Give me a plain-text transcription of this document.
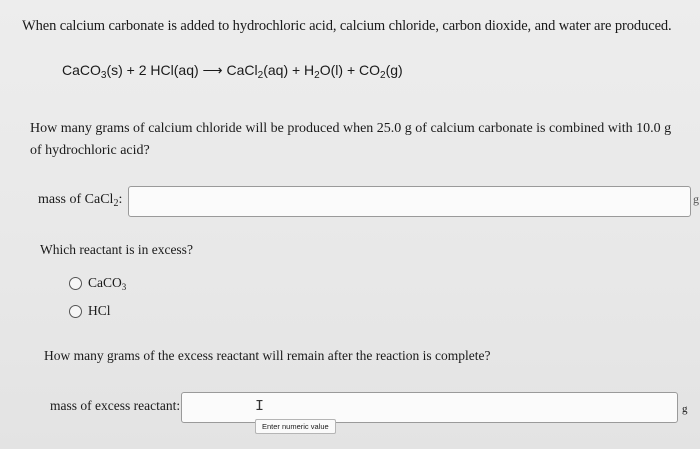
When calcium carbonate is added to hydrochloric acid, calcium chloride, carbon dioxide, and water are produced.
CaCO$_3$(s) + 2 HCl(aq) ⟶ CaCl$_2$(aq) + $H_2O(l) + CO_2(g)$
How many grams of calcium chloride will be produced when 25.0 g of calcium carbonate is combined with 10.0 g of hydrochloric acid?
mass of CaCl$_2$:	g
Which reactant is in excess?
CaCO$_3$
HCl
How many grams of the excess reactant will remain after the reaction is complete?
mass of excess reactant:	I
Enter numeric value
g
